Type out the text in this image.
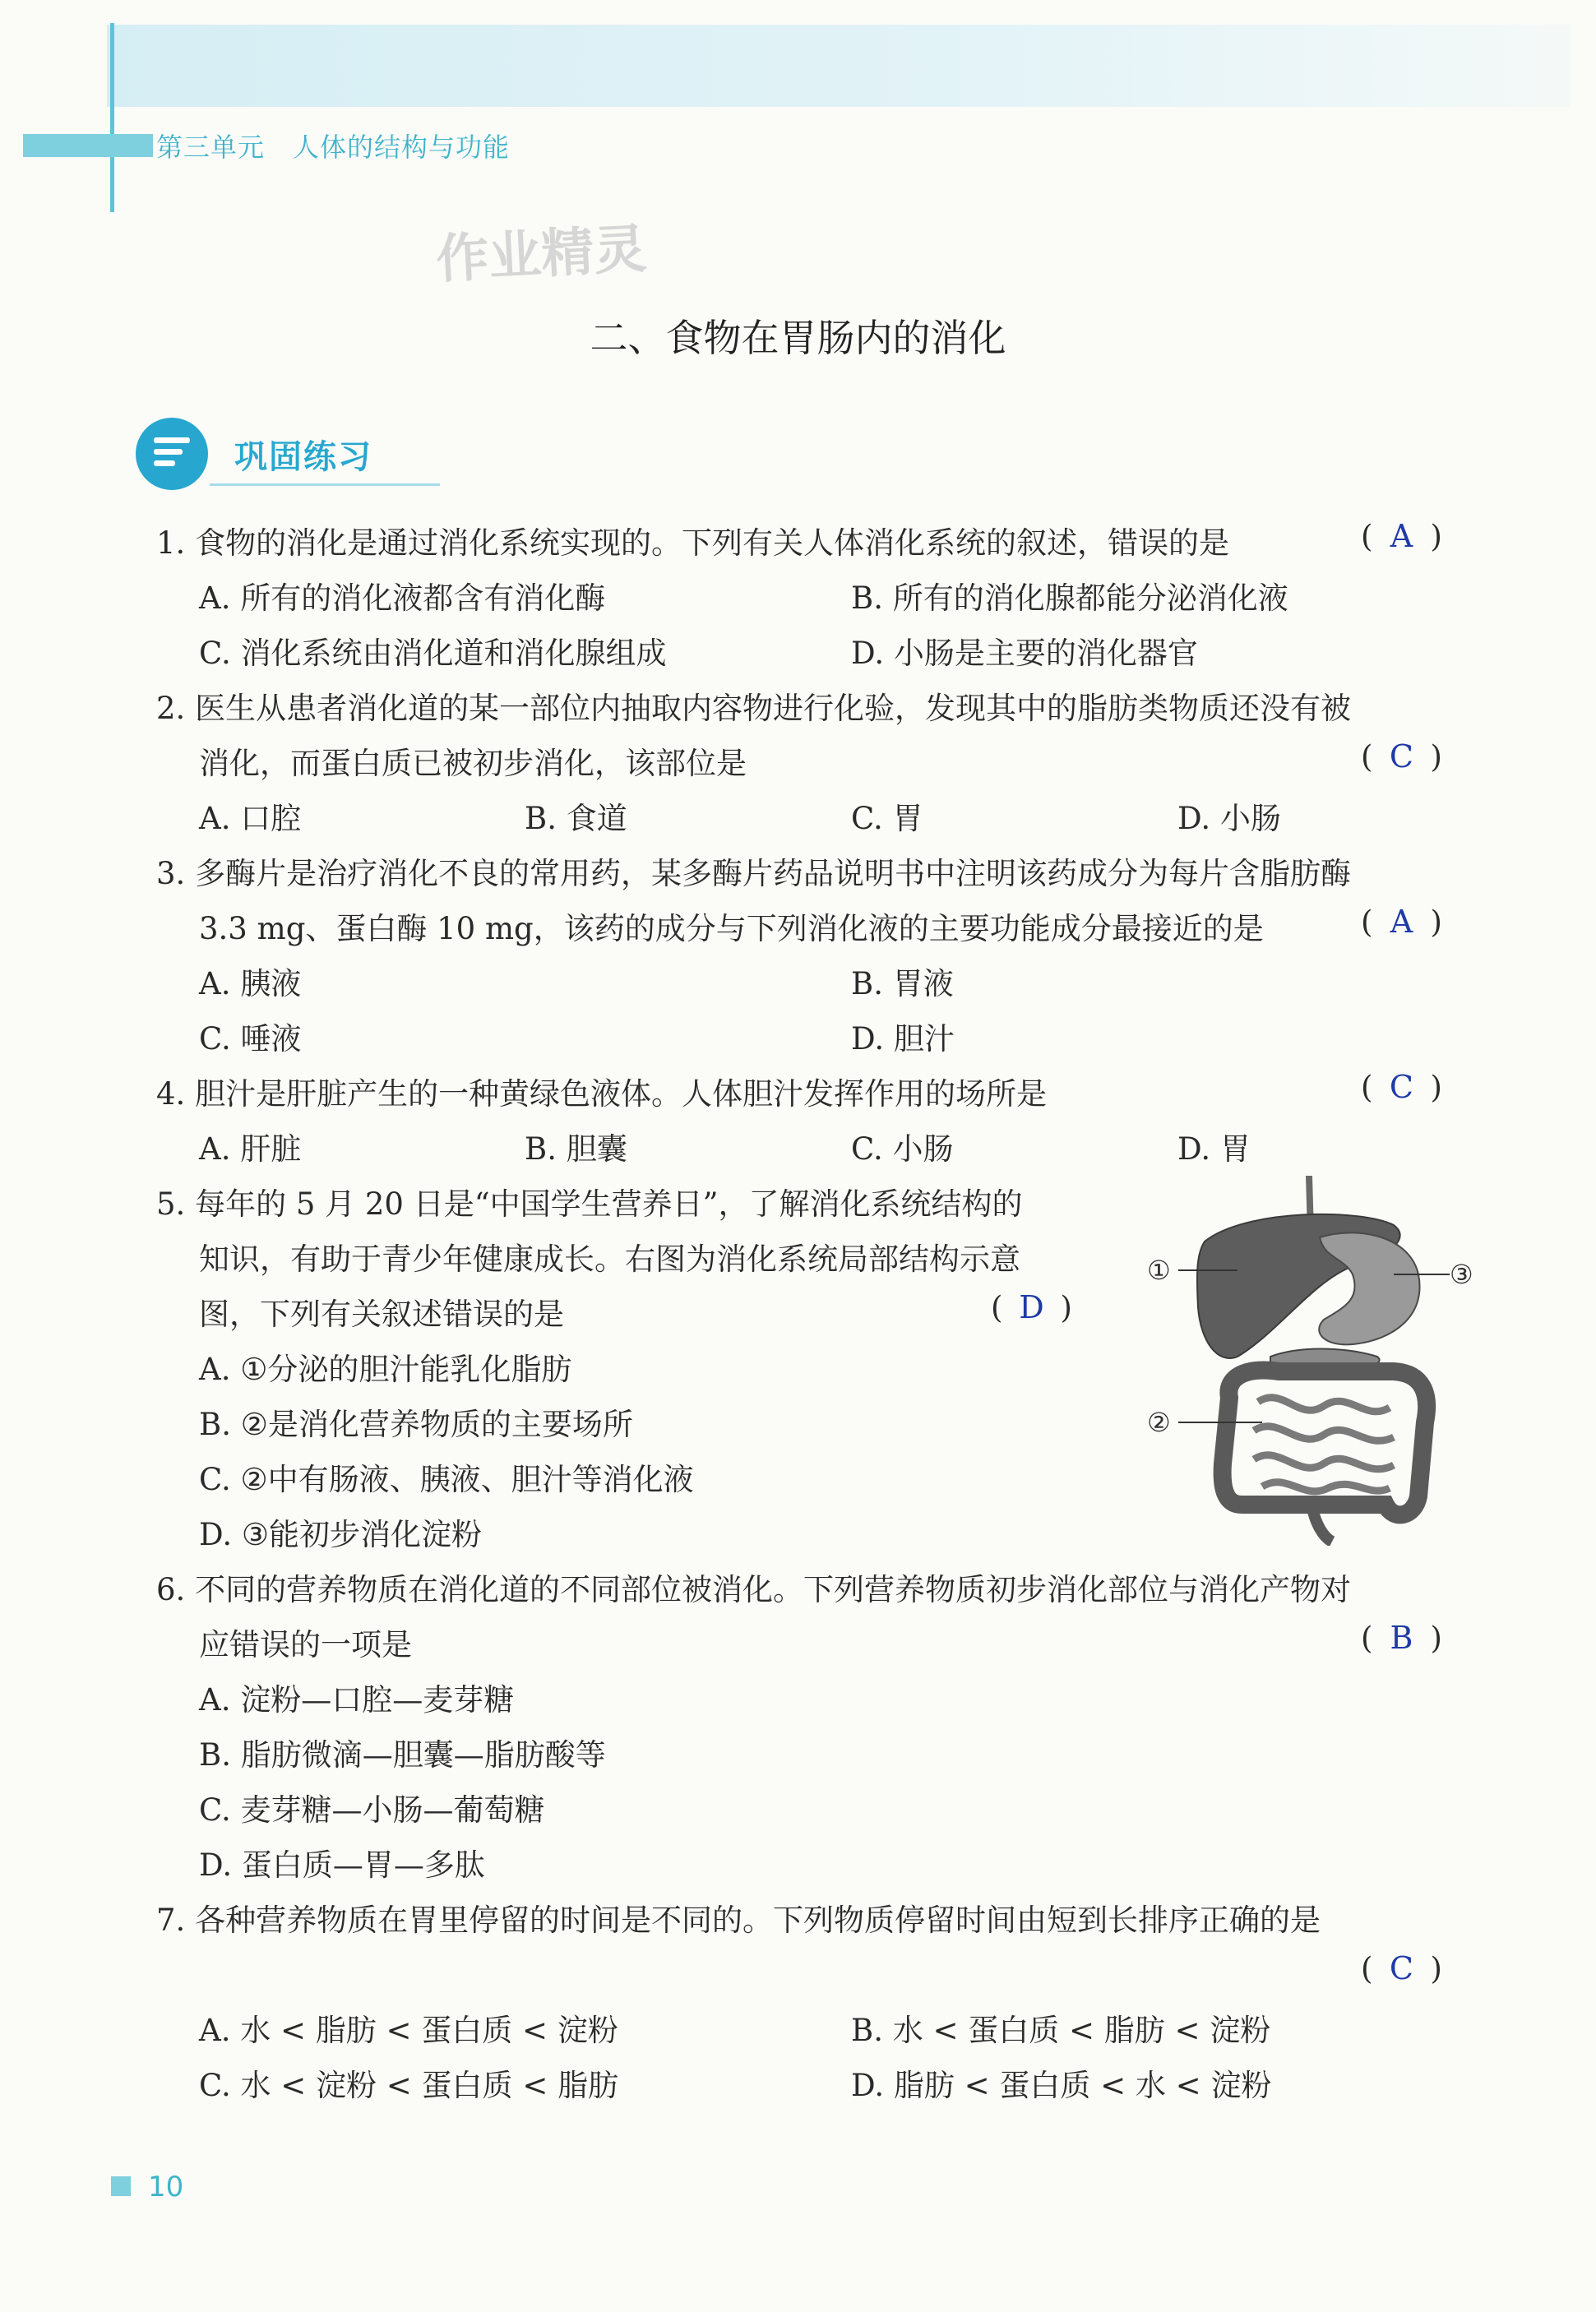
第三单元 人体的结构与功能
作业精灵
二、食物在胃肠内的消化
巩固练习
1. 食物的消化是通过消化系统实现的。下列有关人体消化系统的叙述，错误的是	( A )
A. 所有的消化液都含有消化酶	B. 所有的消化腺都能分泌消化液
C. 消化系统由消化道和消化腺组成	D. 小肠是主要的消化器官
2. 医生从患者消化道的某一部位内抽取内容物进行化验，发现其中的脂肪类物质还没有被
消化，而蛋白质已被初步消化，该部位是	( C )
A. 口腔	B. 食道	C. 胃	D. 小肠
3. 多酶片是治疗消化不良的常用药，某多酶片药品说明书中注明该药成分为每片含脂肪酶
3.3 mg、蛋白酶 10 mg，该药的成分与下列消化液的主要功能成分最接近的是	( A )
A. 胰液	B. 胃液
C. 唾液	D. 胆汁
4. 胆汁是肝脏产生的一种黄绿色液体。人体胆汁发挥作用的场所是	( C )
A. 肝脏	B. 胆囊	C. 小肠	D. 胃
5. 每年的 5 月 20 日是“中国学生营养日”，了解消化系统结构的
知识，有助于青少年健康成长。右图为消化系统局部结构示意
图，下列有关叙述错误的是	( D )
A. ①分泌的胆汁能乳化脂肪
B. ②是消化营养物质的主要场所
C. ②中有肠液、胰液、胆汁等消化液
D. ③能初步消化淀粉
6. 不同的营养物质在消化道的不同部位被消化。下列营养物质初步消化部位与消化产物对
应错误的一项是	( B )
A. 淀粉—口腔—麦芽糖
B. 脂肪微滴—胆囊—脂肪酸等
C. 麦芽糖—小肠—葡萄糖
D. 蛋白质—胃—多肽
7. 各种营养物质在胃里停留的时间是不同的。下列物质停留时间由短到长排序正确的是
( C )
A. 水 < 脂肪 < 蛋白质 < 淀粉	B. 水 < 蛋白质 < 脂肪 < 淀粉
C. 水 < 淀粉 < 蛋白质 < 脂肪	D. 脂肪 < 蛋白质 < 水 < 淀粉
①
②
③
10
